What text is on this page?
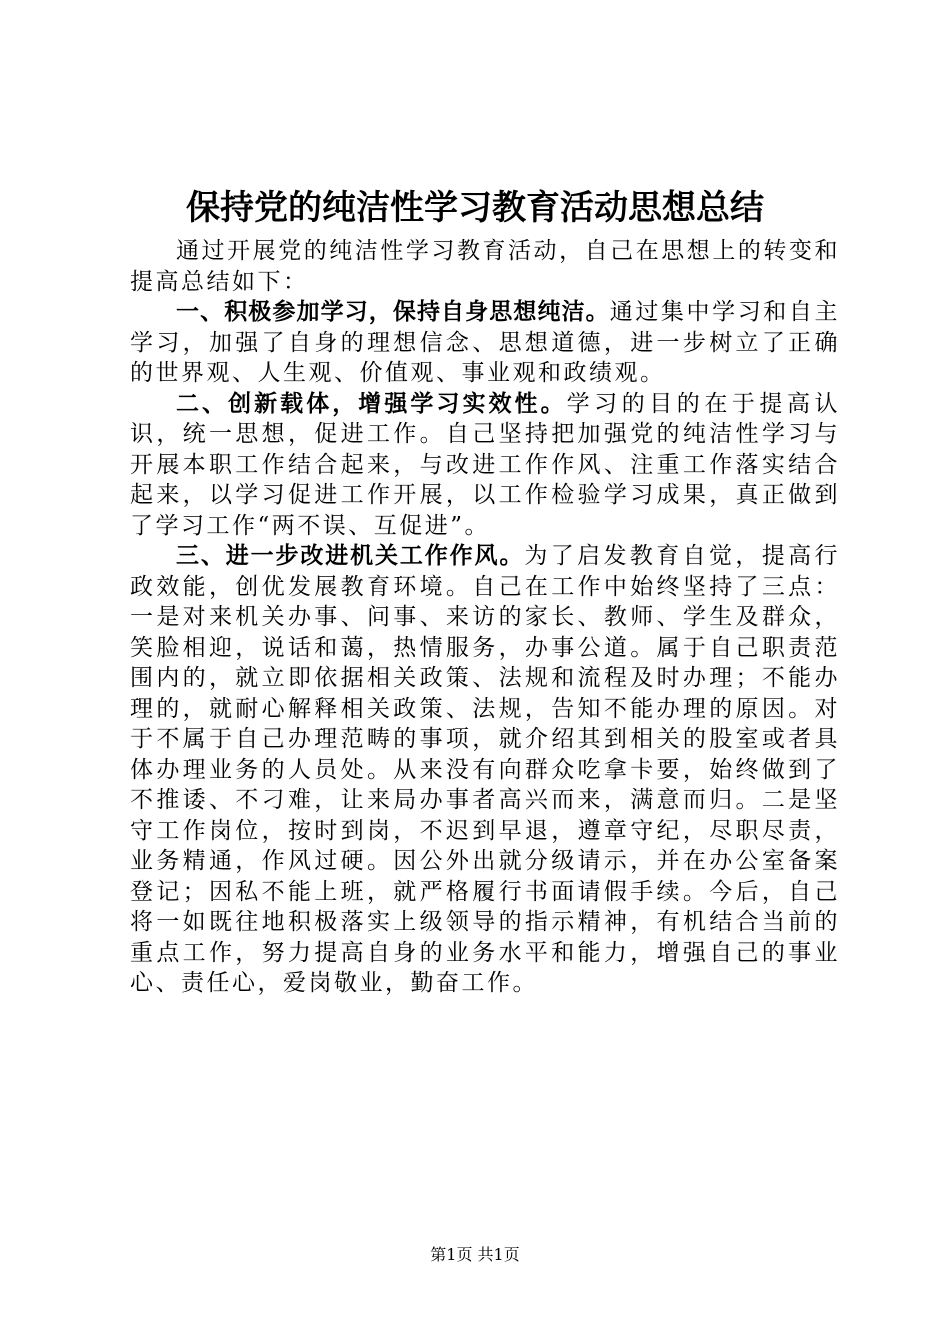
保持党的纯洁性学习教育活动思想总结

通过开展党的纯洁性学习教育活动，自己在思想上的转变和提高总结如下：

一、积极参加学习，保持自身思想纯洁。通过集中学习和自主学习，加强了自身的理想信念、思想道德，进一步树立了正确的世界观、人生观、价值观、事业观和政绩观。

二、创新载体，增强学习实效性。学习的目的在于提高认识，统一思想，促进工作。自己坚持把加强党的纯洁性学习与开展本职工作结合起来，与改进工作作风、注重工作落实结合起来，以学习促进工作开展，以工作检验学习成果，真正做到了学习工作“两不误、互促进”。

三、进一步改进机关工作作风。为了启发教育自觉，提高行政效能，创优发展教育环境。自己在工作中始终坚持了三点：一是对来机关办事、问事、来访的家长、教师、学生及群众，笑脸相迎，说话和蔼，热情服务，办事公道。属于自己职责范围内的，就立即依据相关政策、法规和流程及时办理；不能办理的，就耐心解释相关政策、法规，告知不能办理的原因。对于不属于自己办理范畴的事项，就介绍其到相关的股室或者具体办理业务的人员处。从来没有向群众吃拿卡要，始终做到了不推诿、不刁难，让来局办事者高兴而来，满意而归。二是坚守工作岗位，按时到岗，不迟到早退，遵章守纪，尽职尽责，业务精通，作风过硬。因公外出就分级请示，并在办公室备案登记；因私不能上班，就严格履行书面请假手续。今后，自己将一如既往地积极落实上级领导的指示精神，有机结合当前的重点工作，努力提高自身的业务水平和能力，增强自己的事业心、责任心，爱岗敬业，勤奋工作。

第1页 共1页
